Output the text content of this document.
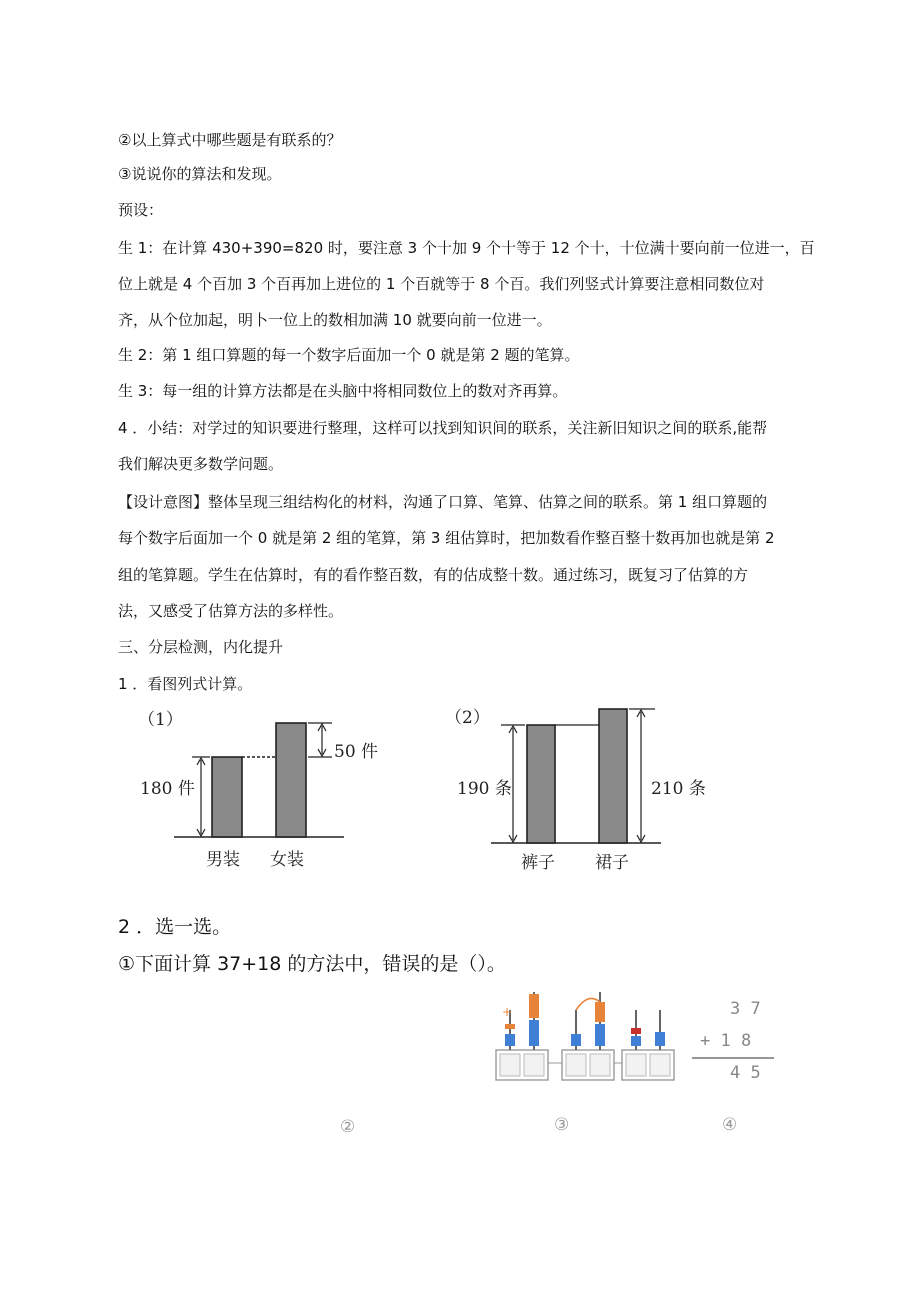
②以上算式中哪些题是有联系的？
③说说你的算法和发现。
预设：
生 1：在计算 430+390=820 时，要注意 3 个十加 9 个十等于 12 个十，十位满十要向前一位进一，百
位上就是 4 个百加 3 个百再加上进位的 1 个百就等于 8 个百。我们列竖式计算要注意相同数位对
齐，从个位加起，明卜一位上的数相加满 10 就要向前一位进一。
生 2：第 1 组口算题的每一个数字后面加一个 0 就是第 2 题的笔算。
生 3：每一组的计算方法都是在头脑中将相同数位上的数对齐再算。
4 ．小结：对学过的知识要进行整理，这样可以找到知识间的联系，关注新旧知识之间的联系,能帮
我们解决更多数学问题。
【设计意图】整体呈现三组结构化的材料，沟通了口算、笔算、估算之间的联系。第 1 组口算题的
每个数字后面加一个 0 就是第 2 组的笔算，第 3 组估算时，把加数看作整百整十数再加也就是第 2
组的笔算题。学生在估算时，有的看作整百数，有的估成整十数。通过练习，既复习了估算的方
法，又感受了估算方法的多样性。
三、分层检测，内化提升
1 ．看图列式计算。
2 ．选一选。
①下面计算 37+18 的方法中，错误的是（）。
（1）
180 件
50 件
男装 女装
（2）
190 条	210 条
裤子 裙子
②
+
③
3 7
+ 1 8
4 5
④
